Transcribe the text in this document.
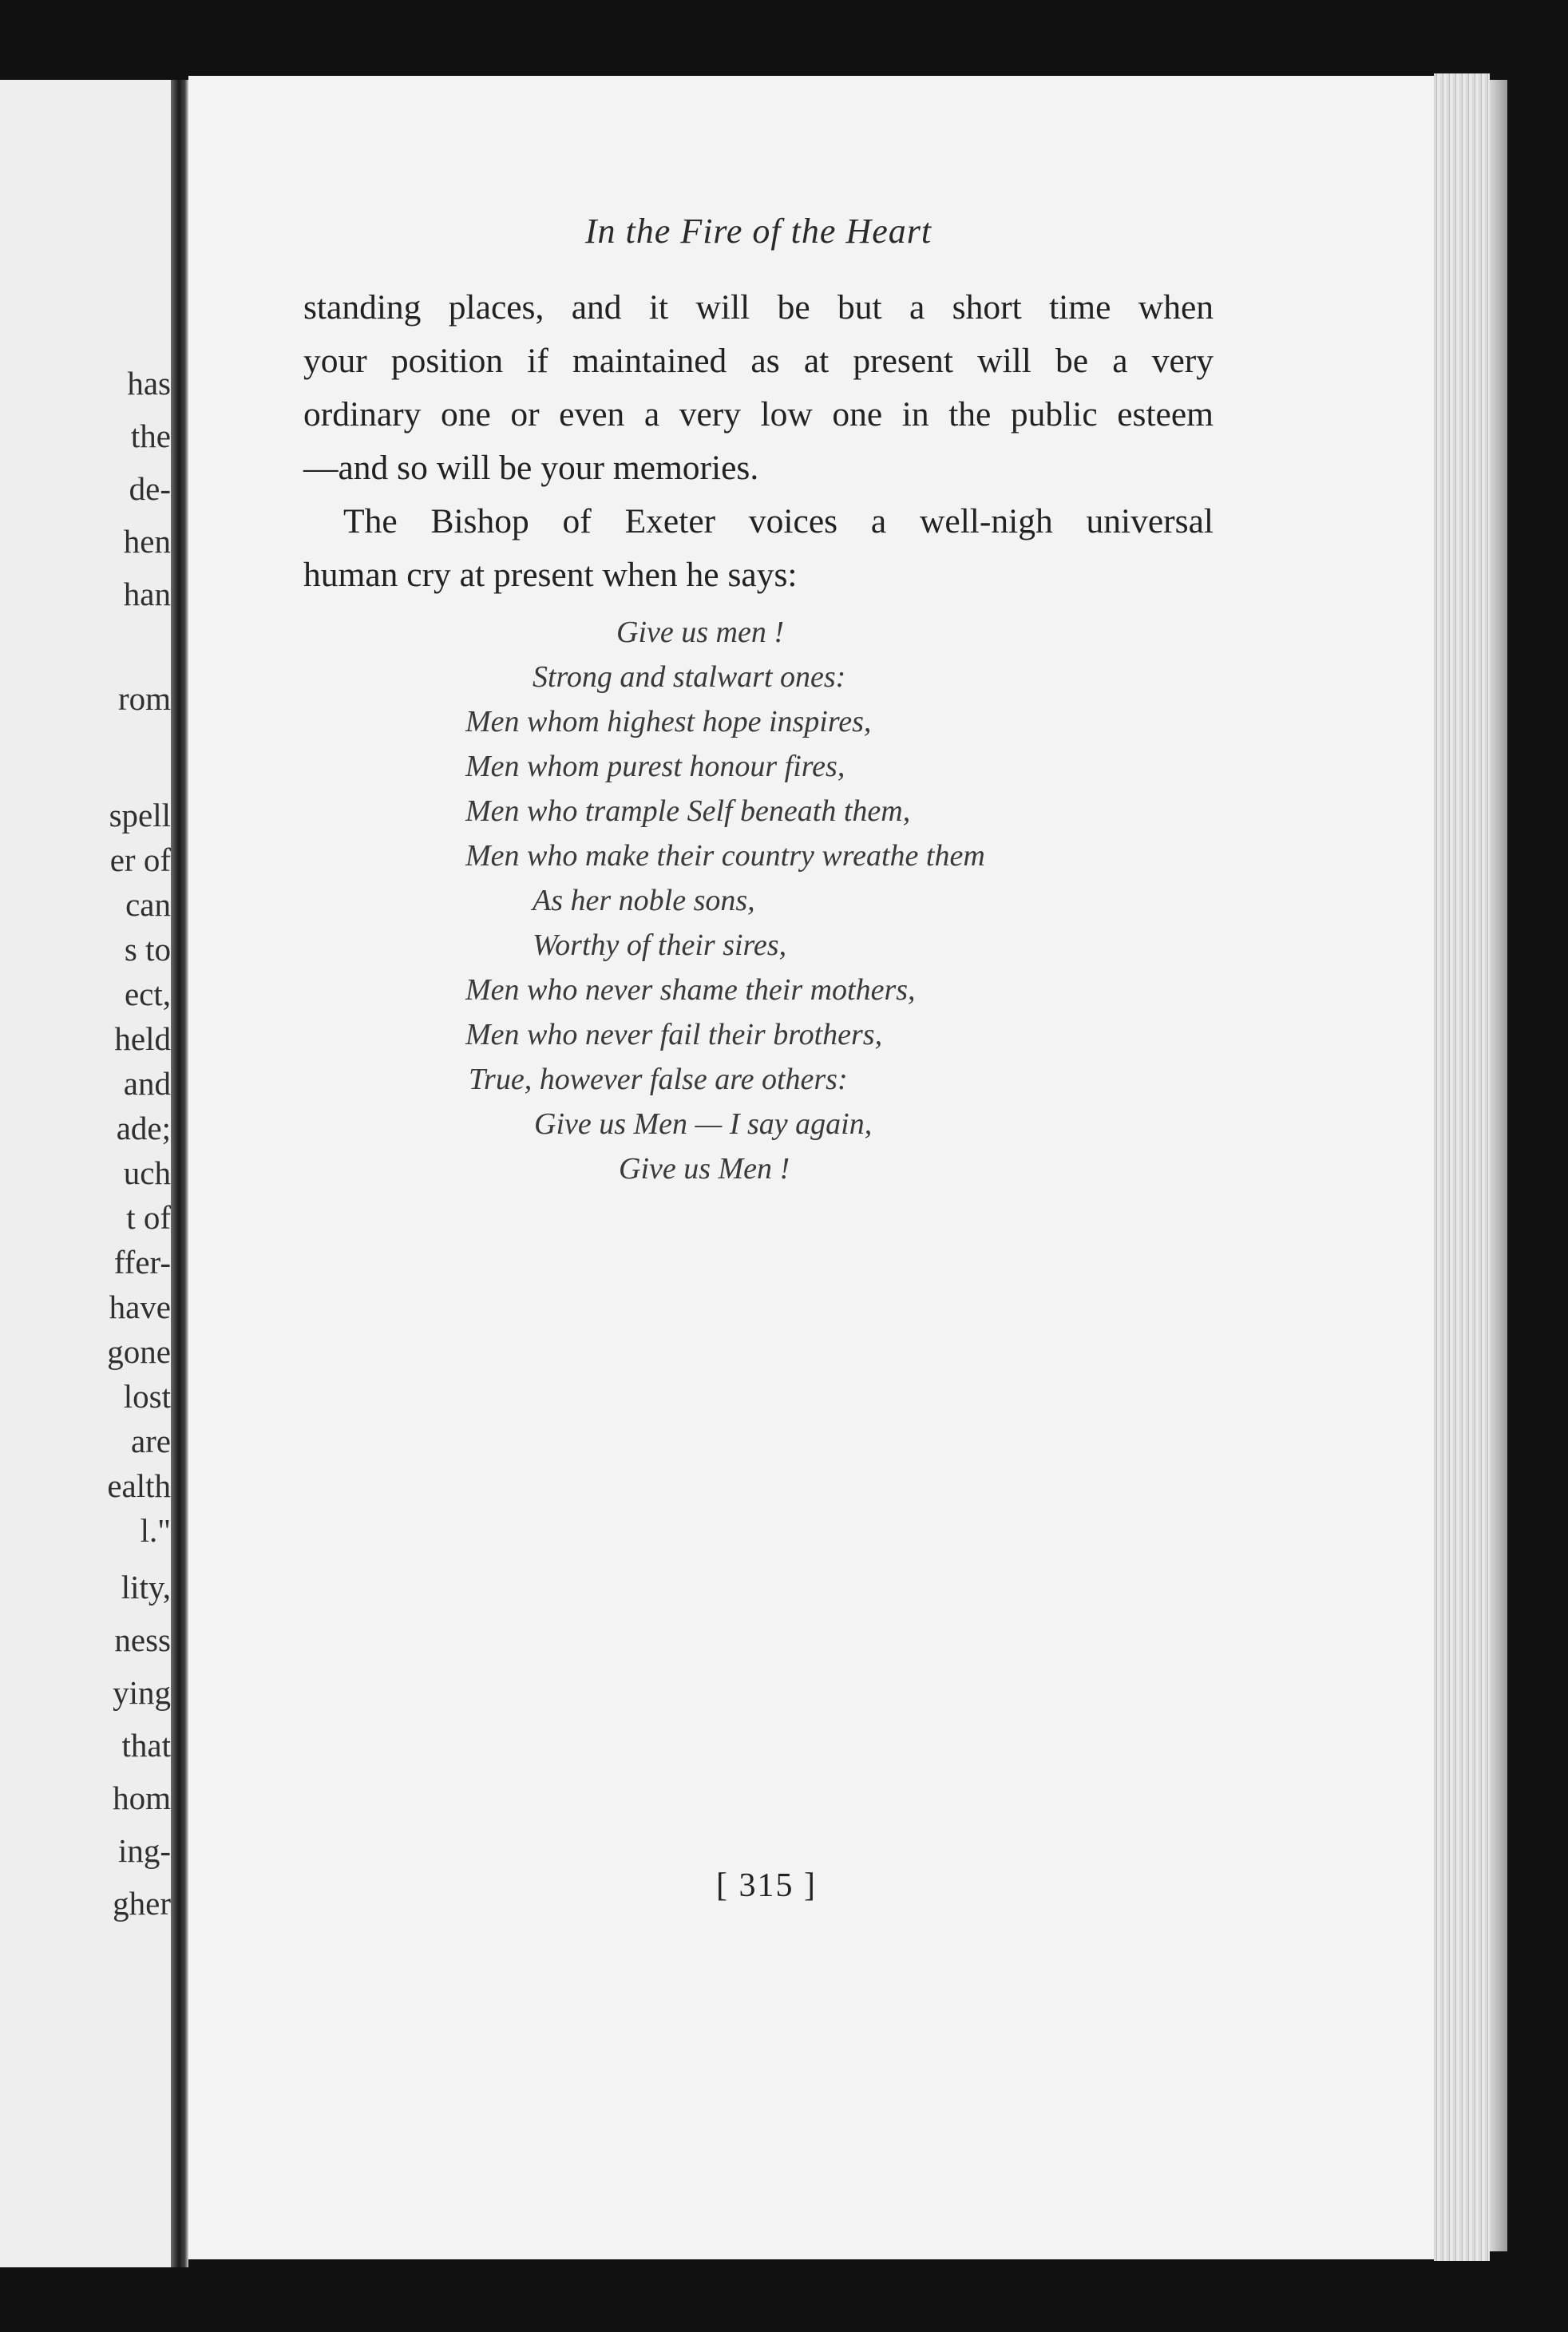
has
the
de-
hen
han
rom
spell
er of
can
s to
ect,
held
and
ade;
uch
t of
ffer-
have
gone
lost
are
ealth
l."
lity,
ness
ying
that
hom
ing-
gher
In the Fire of the Heart
standing places, and it will be but a short time when
your position if maintained as at present will be a very
ordinary one or even a very low one in the public esteem
—and so will be your memories.
The Bishop of Exeter voices a well-nigh universal
human cry at present when he says:
Give us men !
Strong and stalwart ones:
Men whom highest hope inspires,
Men whom purest honour fires,
Men who trample Self beneath them,
Men who make their country wreathe them
As her noble sons,
Worthy of their sires,
Men who never shame their mothers,
Men who never fail their brothers,
True, however false are others:
Give us Men — I say again,
Give us Men !
[ 315 ]
